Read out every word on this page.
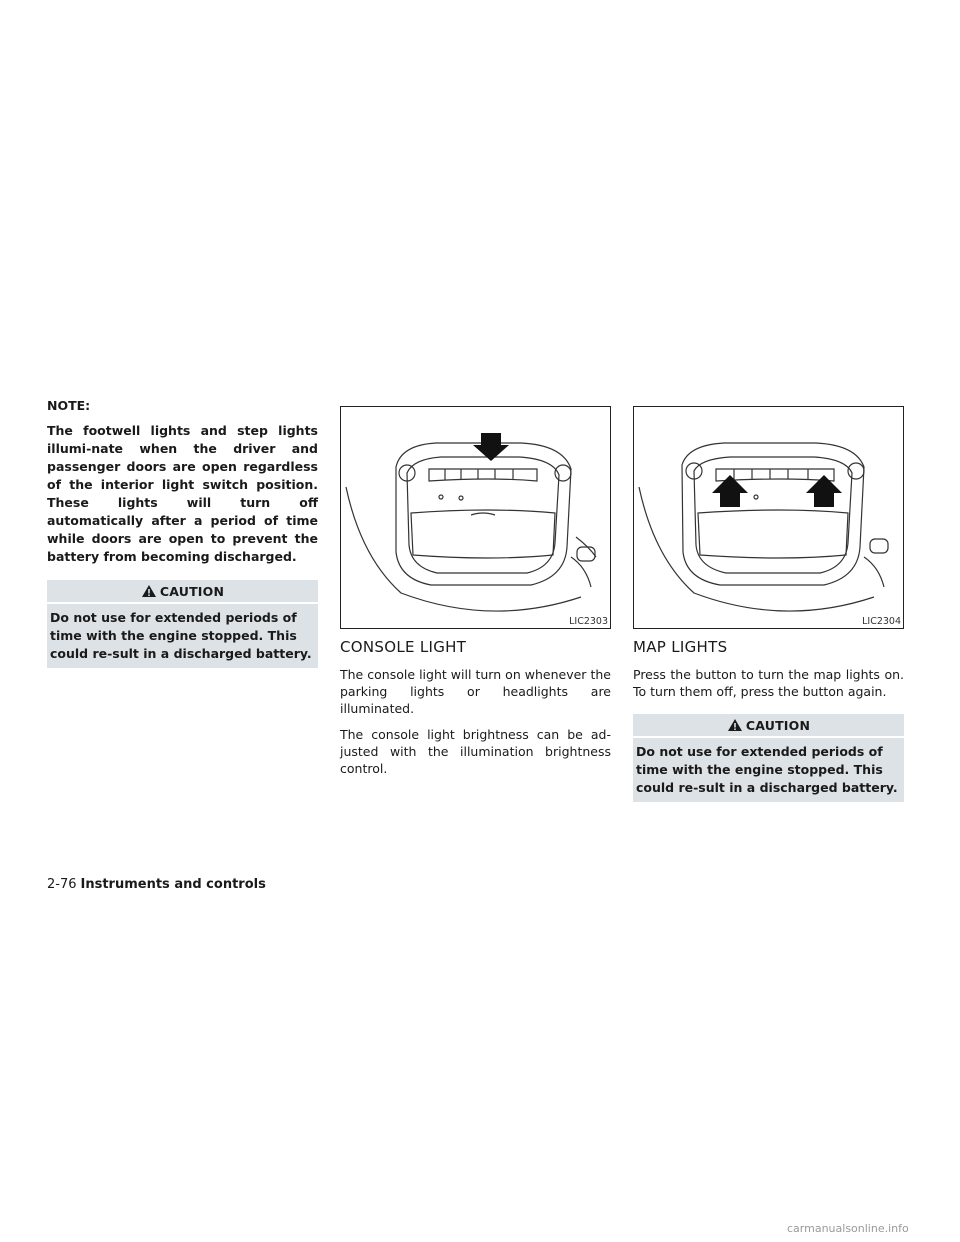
NOTE:

The footwell lights and step lights illumi-nate when the driver and passenger doors are open regardless of the interior light switch position. These lights will turn off automatically after a period of time while doors are open to prevent the battery from becoming discharged.

CAUTION

Do not use for extended periods of time with the engine stopped. This could re-sult in a discharged battery.

LIC2303
CONSOLE LIGHT

The console light will turn on whenever the parking lights or headlights are illuminated.

The console light brightness can be ad-justed with the illumination brightness control.

LIC2304
MAP LIGHTS

Press the button to turn the map lights on. To turn them off, press the button again.

CAUTION

Do not use for extended periods of time with the engine stopped. This could re-sult in a discharged battery.

2-76 Instruments and controls
carmanualsonline.info
